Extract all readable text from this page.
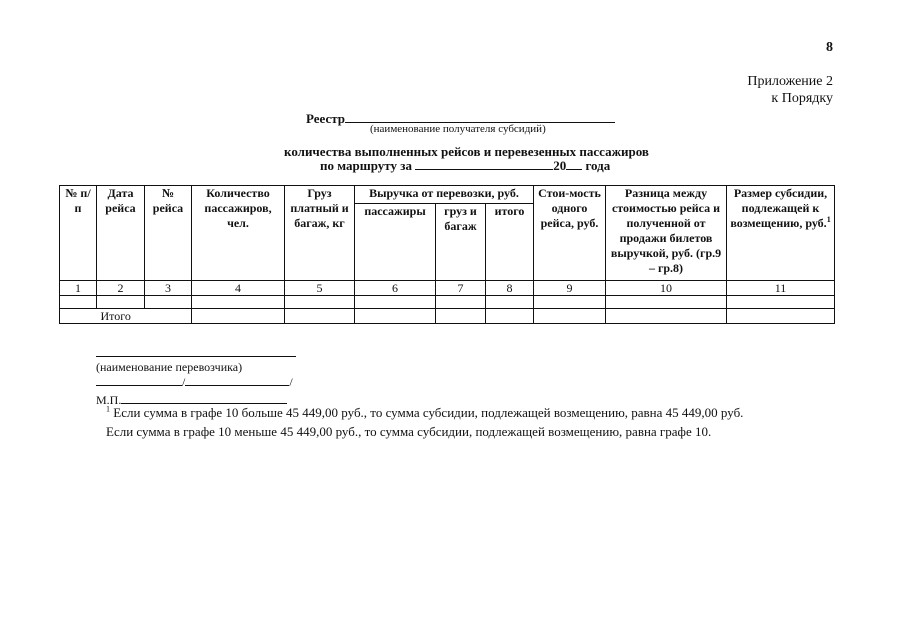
8
Приложение 2
к Порядку
Реестр
(наименование получателя субсидий)
количества выполненных рейсов и перевезенных пассажиров
по маршруту за	20 года
№ п/п	Дата рейса	№ рейса	Количество пассажиров, чел.	Груз платный и багаж, кг	Выручка от перевозки, руб.			Стои-мость одного рейса, руб.	Разница между стоимостью рейса и полученной от продажи билетов выручкой, руб. (гр.9 – гр.8)	Размер субсидии, подлежащей к возмещению, руб.$^1$
					пассажиры	груз и багаж	итого			
1	2	3	4	5	6	7	8	9	10	11

	Итого									
(наименование перевозчика)
/	/
М.П.
$^1$ Если сумма в графе 10 больше 45 449,00 руб., то сумма субсидии, подлежащей возмещению, равна 45 449,00 руб.
Если сумма в графе 10 меньше 45 449,00 руб., то сумма субсидии, подлежащей возмещению, равна графе 10.
